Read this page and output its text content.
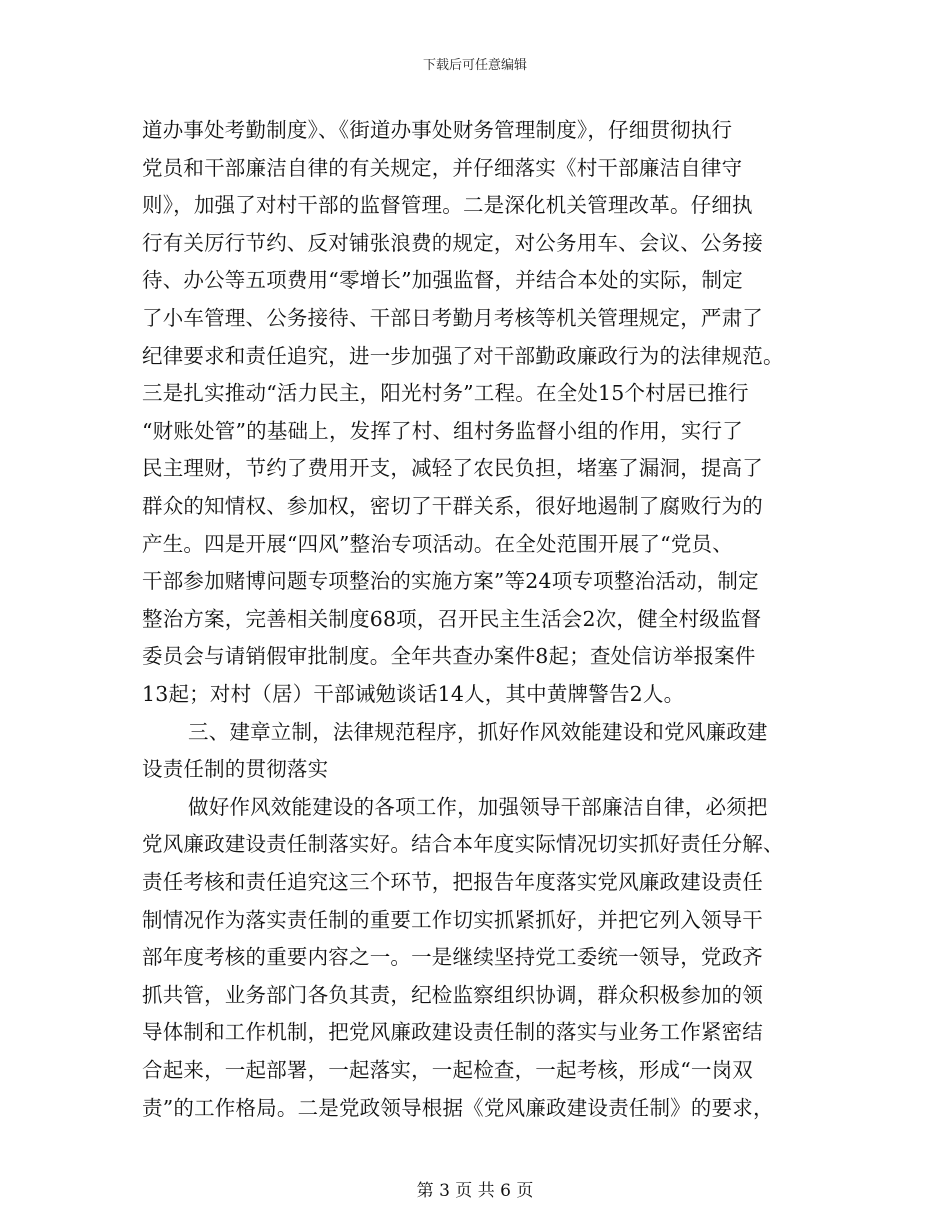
下载后可任意编辑
道办事处考勤制度》、《街道办事处财务管理制度》，仔细贯彻执行
党员和干部廉洁自律的有关规定，并仔细落实《村干部廉洁自律守
则》，加强了对村干部的监督管理。二是深化机关管理改革。仔细执
行有关厉行节约、反对铺张浪费的规定，对公务用车、会议、公务接
待、办公等五项费用“零增长”加强监督，并结合本处的实际，制定
了小车管理、公务接待、干部日考勤月考核等机关管理规定，严肃了
纪律要求和责任追究，进一步加强了对干部勤政廉政行为的法律规范。
三是扎实推动“活力民主，阳光村务”工程。在全处15个村居已推行
“财账处管”的基础上，发挥了村、组村务监督小组的作用，实行了
民主理财，节约了费用开支，减轻了农民负担，堵塞了漏洞，提高了
群众的知情权、参加权，密切了干群关系，很好地遏制了腐败行为的
产生。四是开展“四风”整治专项活动。在全处范围开展了“党员、
干部参加赌博问题专项整治的实施方案”等24项专项整治活动，制定
整治方案，完善相关制度68项，召开民主生活会2次，健全村级监督
委员会与请销假审批制度。全年共查办案件8起；查处信访举报案件
13起；对村（居）干部诫勉谈话14人，其中黄牌警告2人。
三、建章立制，法律规范程序，抓好作风效能建设和党风廉政建
设责任制的贯彻落实
做好作风效能建设的各项工作，加强领导干部廉洁自律，必须把
党风廉政建设责任制落实好。结合本年度实际情况切实抓好责任分解、
责任考核和责任追究这三个环节，把报告年度落实党风廉政建设责任
制情况作为落实责任制的重要工作切实抓紧抓好，并把它列入领导干
部年度考核的重要内容之一。一是继续坚持党工委统一领导，党政齐
抓共管，业务部门各负其责，纪检监察组织协调，群众积极参加的领
导体制和工作机制，把党风廉政建设责任制的落实与业务工作紧密结
合起来，一起部署，一起落实，一起检查，一起考核，形成“一岗双
责”的工作格局。二是党政领导根据《党风廉政建设责任制》的要求，
第 3 页 共 6 页
